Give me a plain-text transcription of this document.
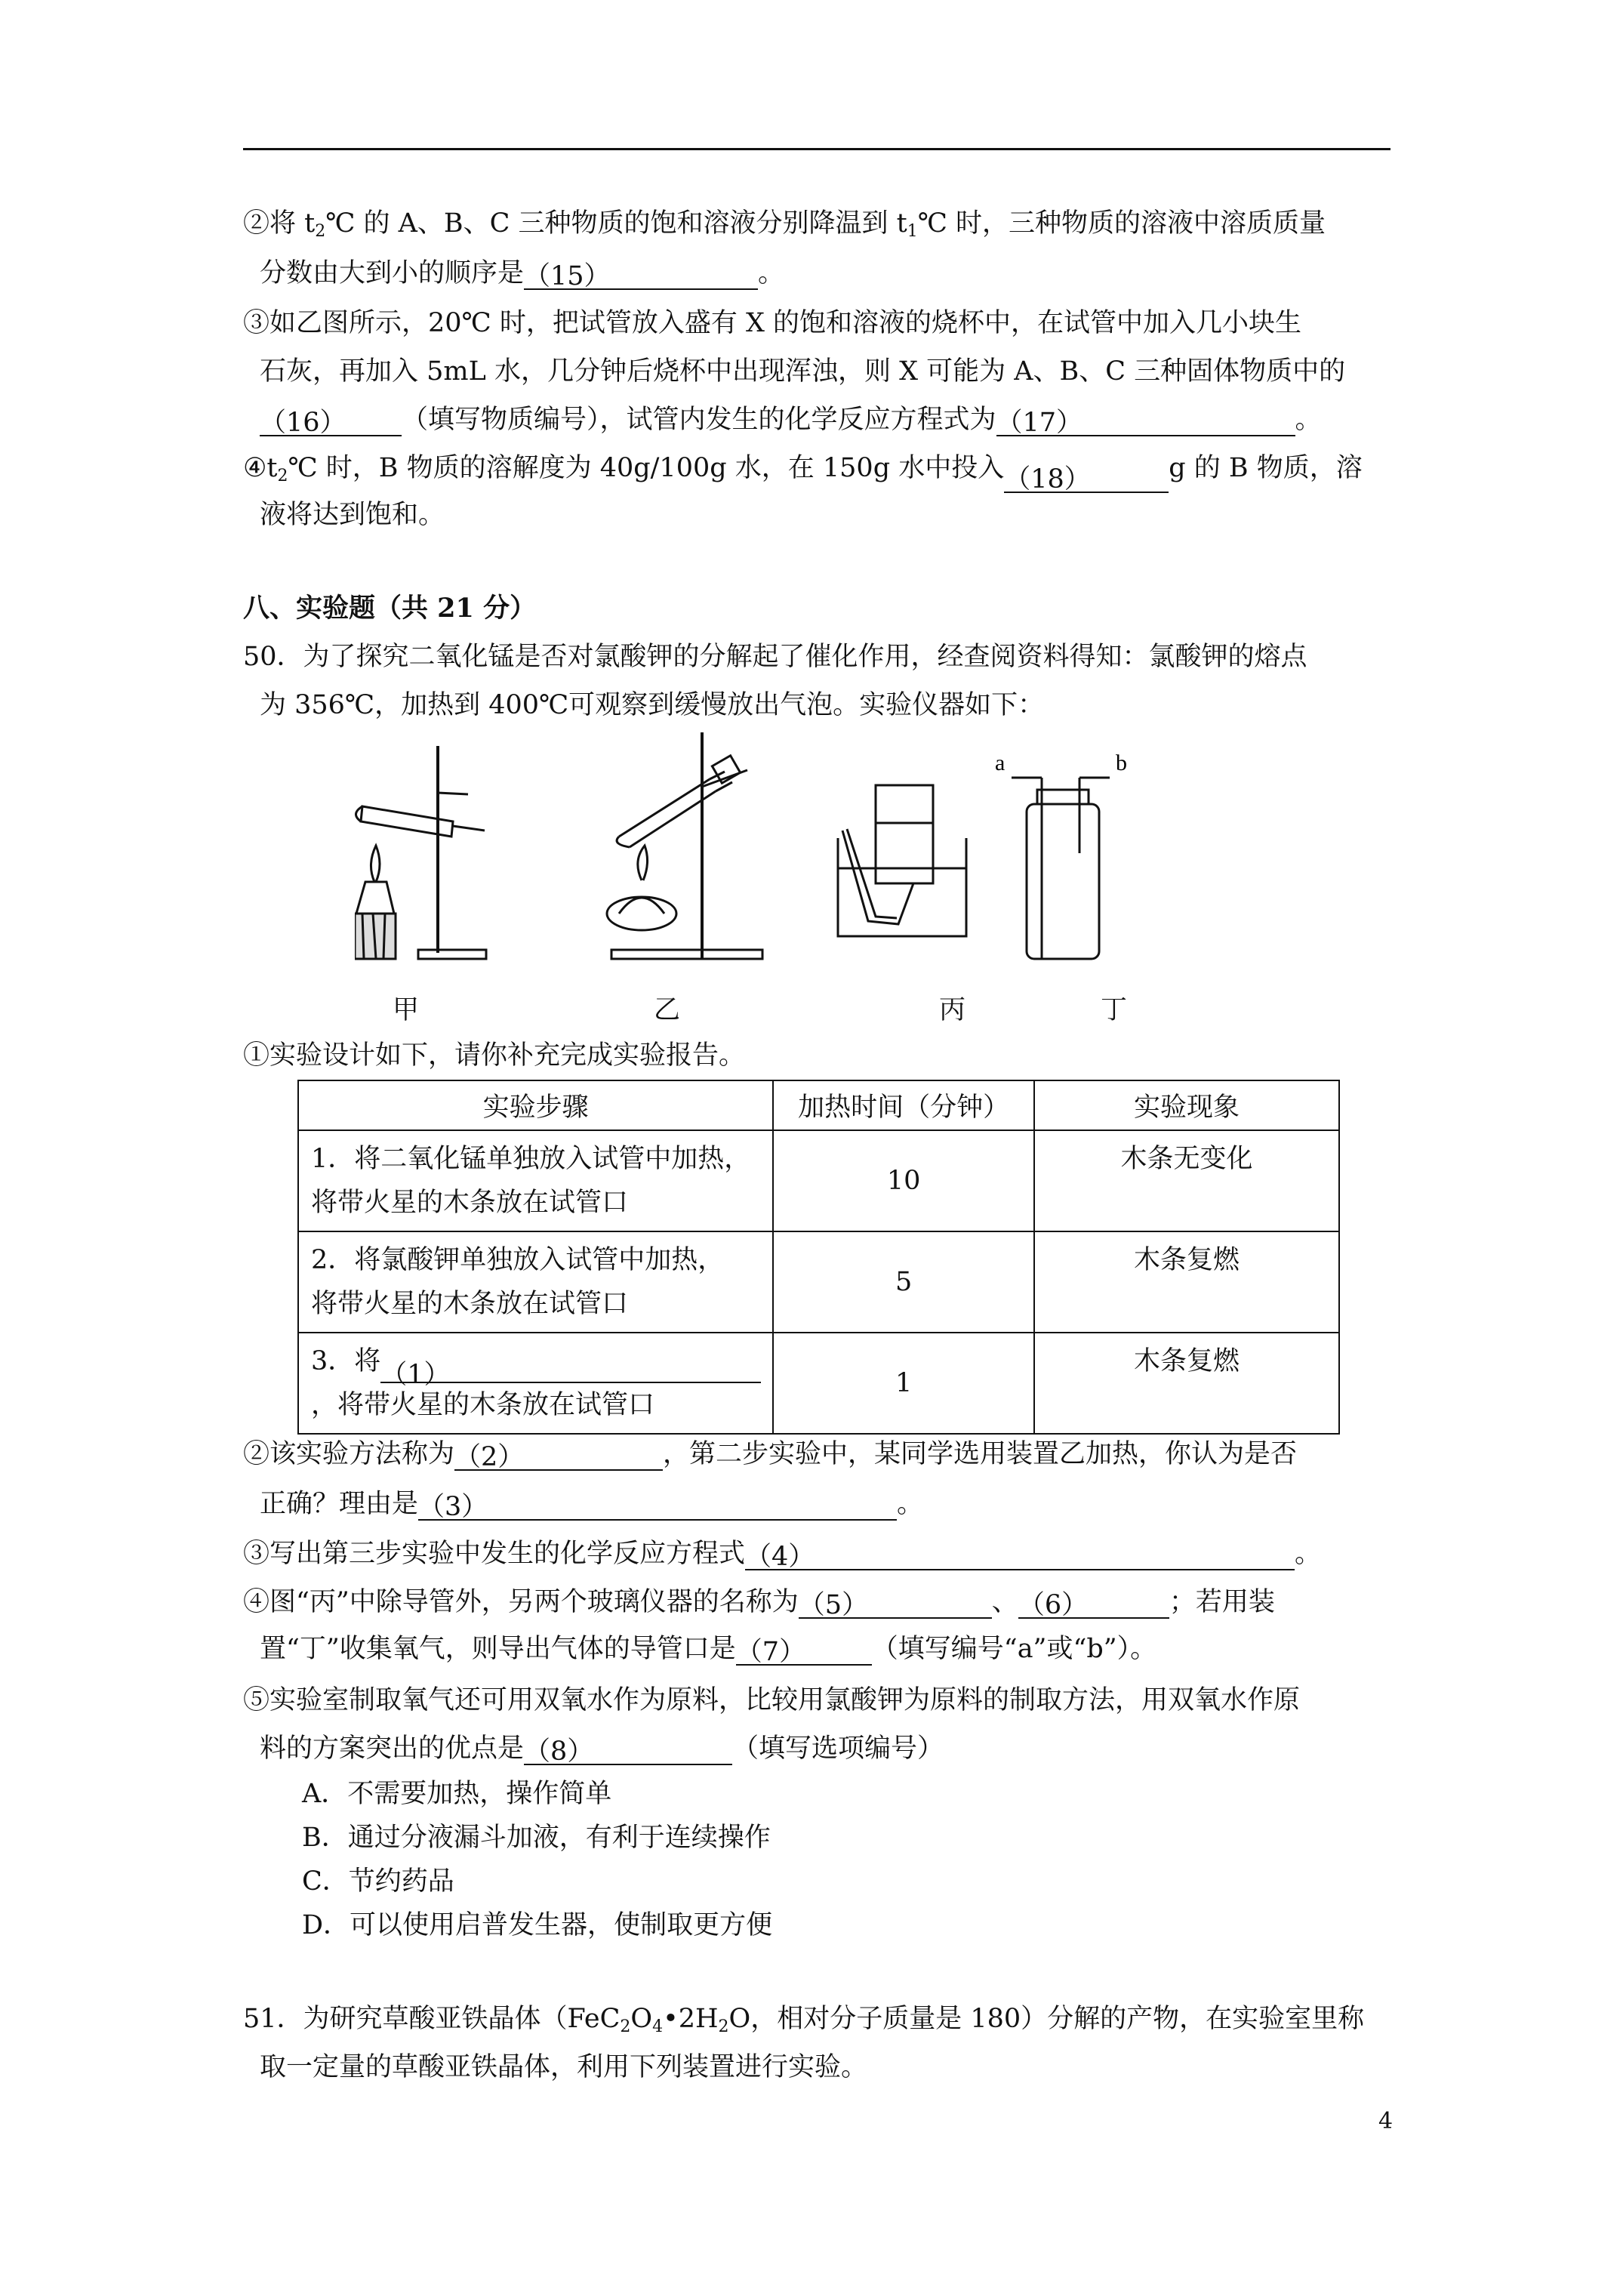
②将 $t_2℃$ 的 A、B、C 三种物质的饱和溶液分别降温到 $t_1℃$ 时，三种物质的溶液中溶质质量
分数由大到小的顺序是（15）	。
③如乙图所示，20℃ 时，把试管放入盛有 X 的饱和溶液的烧杯中，在试管中加入几小块生
石灰，再加入 5mL 水，几分钟后烧杯中出现浑浊，则 X 可能为 A、B、C 三种固体物质中的
（16） （填写物质编号），试管内发生的化学反应方程式为（17）	。
$④t_2℃$ 时，B 物质的溶解度为 40g/100g 水，在 150g 水中投入（18）	g 的 B 物质，溶
液将达到饱和。
八、实验题（共 21 分）
50．为了探究二氧化锰是否对氯酸钾的分解起了催化作用，经查阅资料得知：氯酸钾的熔点
为 356℃，加热到 400℃可观察到缓慢放出气泡。实验仪器如下：
a	b
甲	乙	丙	丁
①实验设计如下，请你补充完成实验报告。
实验步骤	加热时间（分钟）	实验现象

1．将二氧化锰单独放入试管中加热，
将带火星的木条放在试管口	10	木条无变化

2．将氯酸钾单独放入试管中加热，
将带火星的木条放在试管口	5	木条复燃

3．将（1）
，将带火星的木条放在试管口	1	木条复燃
②该实验方法称为（2）	，第二步实验中，某同学选用装置乙加热，你认为是否
正确？理由是（3）	。
③写出第三步实验中发生的化学反应方程式（4）	。
④图“丙”中除导管外，另两个玻璃仪器的名称为（5）	、（6）	；若用装
置“丁”收集氧气，则导出气体的导管口是（7）	（填写编号“a”或“b”）。
⑤实验室制取氧气还可用双氧水作为原料，比较用氯酸钾为原料的制取方法，用双氧水作原
料的方案突出的优点是（8）	（填写选项编号）
A．不需要加热，操作简单
B．通过分液漏斗加液，有利于连续操作
C．节约药品
D．可以使用启普发生器，使制取更方便
51．为研究草酸亚铁晶体（$FeC_2O_4•2H_2O$，相对分子质量是 180）分解的产物，在实验室里称
取一定量的草酸亚铁晶体，利用下列装置进行实验。
4
